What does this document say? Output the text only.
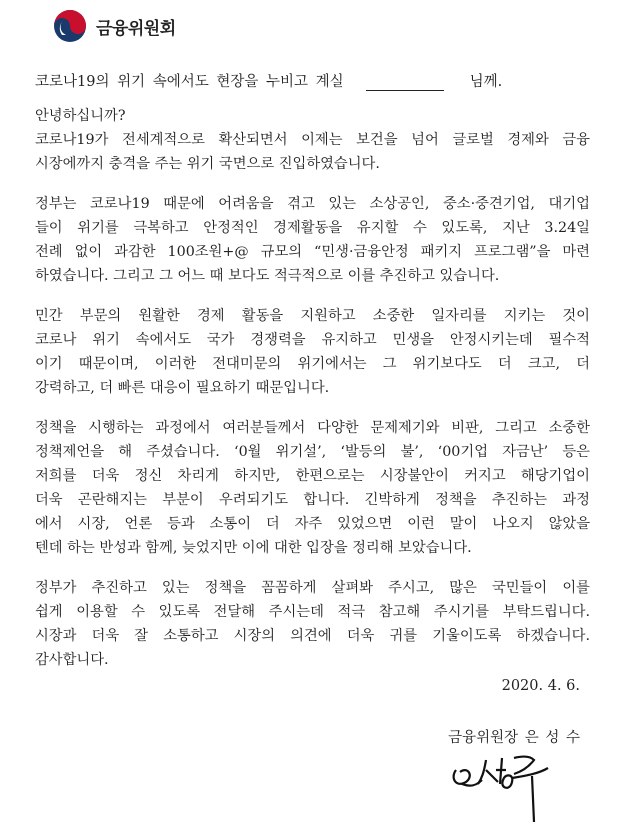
금융위원회
코로나19의 위기 속에서도 현장을 누비고 계실	님께.
안녕하십니까?
코로나19가 전세계적으로 확산되면서 이제는 보건을 넘어 글로벌 경제와 금융
시장에까지 충격을 주는 위기 국면으로 진입하였습니다.
정부는 코로나19 때문에 어려움을 겪고 있는 소상공인, 중소·중견기업, 대기업
들이 위기를 극복하고 안정적인 경제활동을 유지할 수 있도록, 지난 3.24일
전례 없이 과감한 100조원+@ 규모의 “민생·금융안정 패키지 프로그램”을 마련
하였습니다. 그리고 그 어느 때 보다도 적극적으로 이를 추진하고 있습니다.
민간 부문의 원활한 경제 활동을 지원하고 소중한 일자리를 지키는 것이
코로나 위기 속에서도 국가 경쟁력을 유지하고 민생을 안정시키는데 필수적
이기 때문이며, 이러한 전대미문의 위기에서는 그 위기보다도 더 크고, 더
강력하고, 더 빠른 대응이 필요하기 때문입니다.
정책을 시행하는 과정에서 여러분들께서 다양한 문제제기와 비판, 그리고 소중한
정책제언을 해 주셨습니다. ‘0월 위기설’, ‘발등의 불’, ‘00기업 자금난’ 등은
저희를 더욱 정신 차리게 하지만, 한편으로는 시장불안이 커지고 해당기업이
더욱 곤란해지는 부분이 우려되기도 합니다. 긴박하게 정책을 추진하는 과정
에서 시장, 언론 등과 소통이 더 자주 있었으면 이런 말이 나오지 않았을
텐데 하는 반성과 함께, 늦었지만 이에 대한 입장을 정리해 보았습니다.
정부가 추진하고 있는 정책을 꼼꼼하게 살펴봐 주시고, 많은 국민들이 이를
쉽게 이용할 수 있도록 전달해 주시는데 적극 참고해 주시기를 부탁드립니다.
시장과 더욱 잘 소통하고 시장의 의견에 더욱 귀를 기울이도록 하겠습니다.
감사합니다.
2020. 4. 6.
금융위원장 은 성 수
